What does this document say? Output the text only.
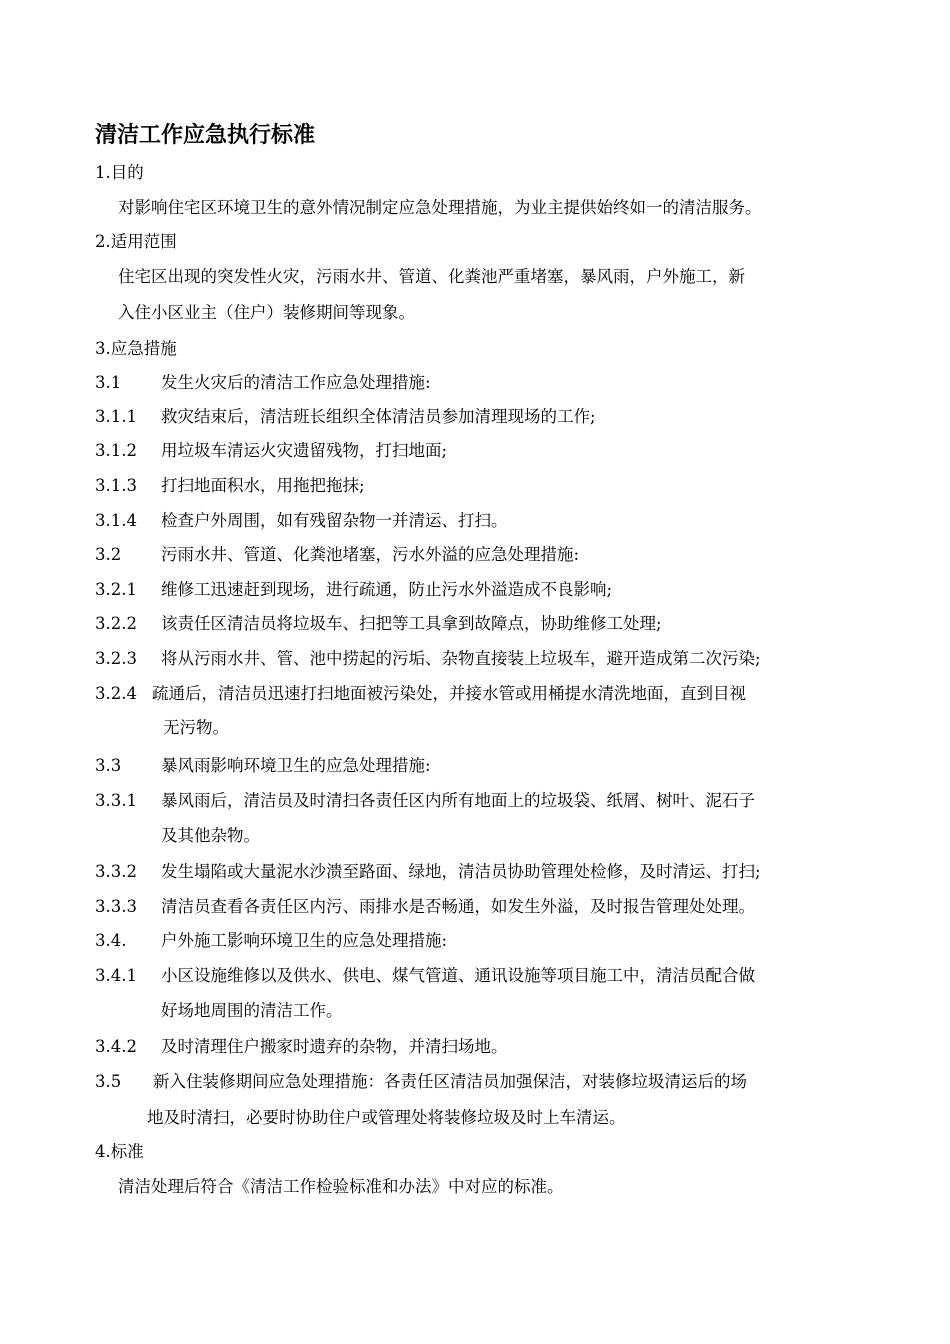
清洁工作应急执行标准
1.目的
对影响住宅区环境卫生的意外情况制定应急处理措施，为业主提供始终如一的清洁服务。
2.适用范围
住宅区出现的突发性火灾，污雨水井、管道、化粪池严重堵塞，暴风雨，户外施工，新
入住小区业主（住户）装修期间等现象。
3.应急措施
3.1 发生火灾后的清洁工作应急处理措施:
3.1.1 救灾结束后，清洁班长组织全体清洁员参加清理现场的工作;
3.1.2 用垃圾车清运火灾遗留残物，打扫地面;
3.1.3 打扫地面积水，用拖把拖抹;
3.1.4 检查户外周围，如有残留杂物一并清运、打扫。
3.2 污雨水井、管道、化粪池堵塞，污水外溢的应急处理措施:
3.2.1 维修工迅速赶到现场，进行疏通，防止污水外溢造成不良影响;
3.2.2 该责任区清洁员将垃圾车、扫把等工具拿到故障点，协助维修工处理;
3.2.3 将从污雨水井、管、池中捞起的污垢、杂物直接装上垃圾车，避开造成第二次污染;
3.2.4 疏通后，清洁员迅速打扫地面被污染处，并接水管或用桶提水清洗地面，直到目视
无污物。
3.3 暴风雨影响环境卫生的应急处理措施:
3.3.1 暴风雨后，清洁员及时清扫各责任区内所有地面上的垃圾袋、纸屑、树叶、泥石子
及其他杂物。
3.3.2 发生塌陷或大量泥水沙溃至路面、绿地，清洁员协助管理处检修，及时清运、打扫;
3.3.3 清洁员查看各责任区内污、雨排水是否畅通，如发生外溢，及时报告管理处处理。
3.4. 户外施工影响环境卫生的应急处理措施:
3.4.1 小区设施维修以及供水、供电、煤气管道、通讯设施等项目施工中，清洁员配合做
好场地周围的清洁工作。
3.4.2 及时清理住户搬家时遗弃的杂物，并清扫场地。
3.5 新入住装修期间应急处理措施：各责任区清洁员加强保洁，对装修垃圾清运后的场
地及时清扫，必要时协助住户或管理处将装修垃圾及时上车清运。
4.标准
清洁处理后符合《清洁工作检验标准和办法》中对应的标准。
